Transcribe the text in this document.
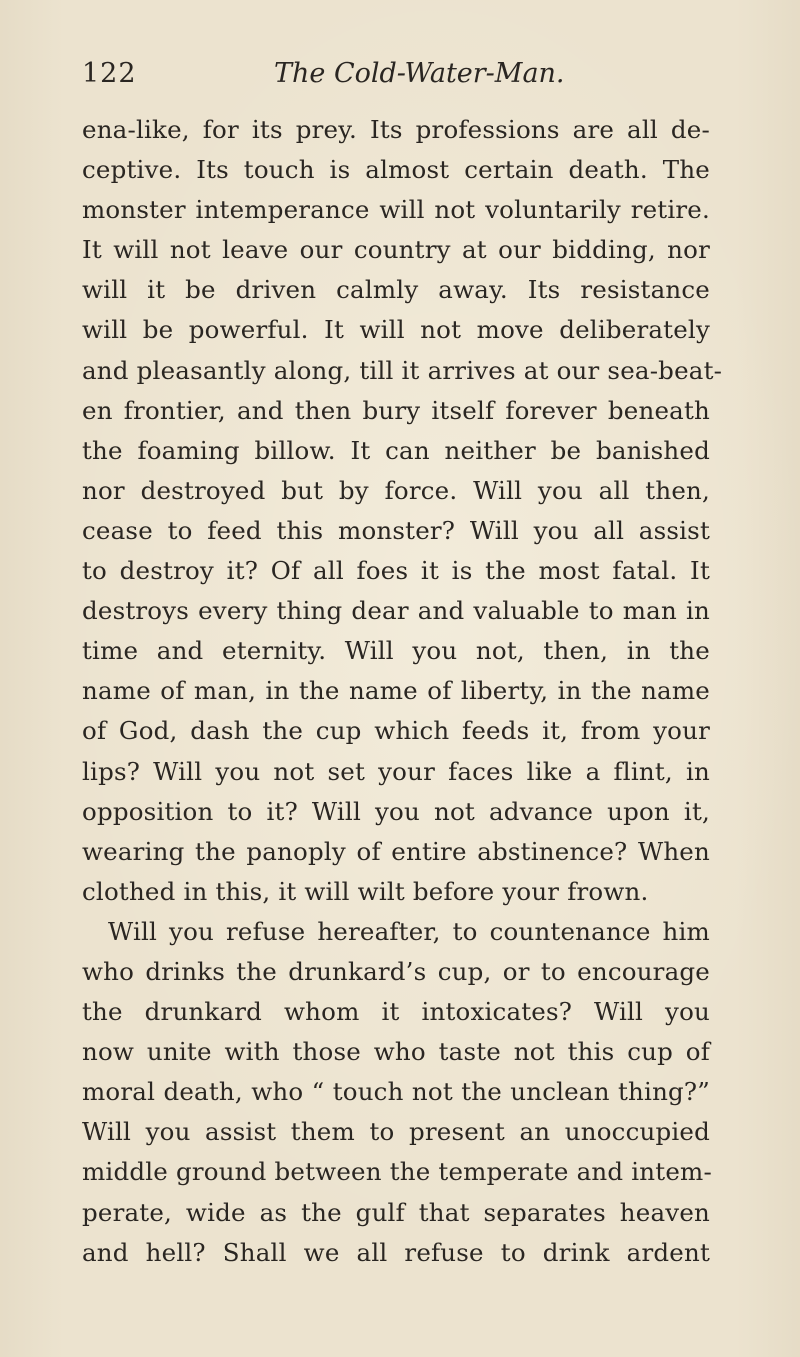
122	The Cold-Water-Man.
ena-like, for its prey. Its professions are all de-
ceptive. Its touch is almost certain death. The
monster intemperance will not voluntarily retire.
It will not leave our country at our bidding, nor
will it be driven calmly away. Its resistance
will be powerful. It will not move deliberately
and pleasantly along, till it arrives at our sea-beat-
en frontier, and then bury itself forever beneath
the foaming billow. It can neither be banished
nor destroyed but by force. Will you all then,
cease to feed this monster? Will you all assist
to destroy it? Of all foes it is the most fatal. It
destroys every thing dear and valuable to man in
time and eternity. Will you not, then, in the
name of man, in the name of liberty, in the name
of God, dash the cup which feeds it, from your
lips? Will you not set your faces like a flint, in
opposition to it? Will you not advance upon it,
wearing the panoply of entire abstinence? When
clothed in this, it will wilt before your frown.
Will you refuse hereafter, to countenance him
who drinks the drunkard’s cup, or to encourage
the drunkard whom it intoxicates? Will you
now unite with those who taste not this cup of
moral death, who “ touch not the unclean thing?”
Will you assist them to present an unoccupied
middle ground between the temperate and intem-
perate, wide as the gulf that separates heaven
and hell? Shall we all refuse to drink ardent
